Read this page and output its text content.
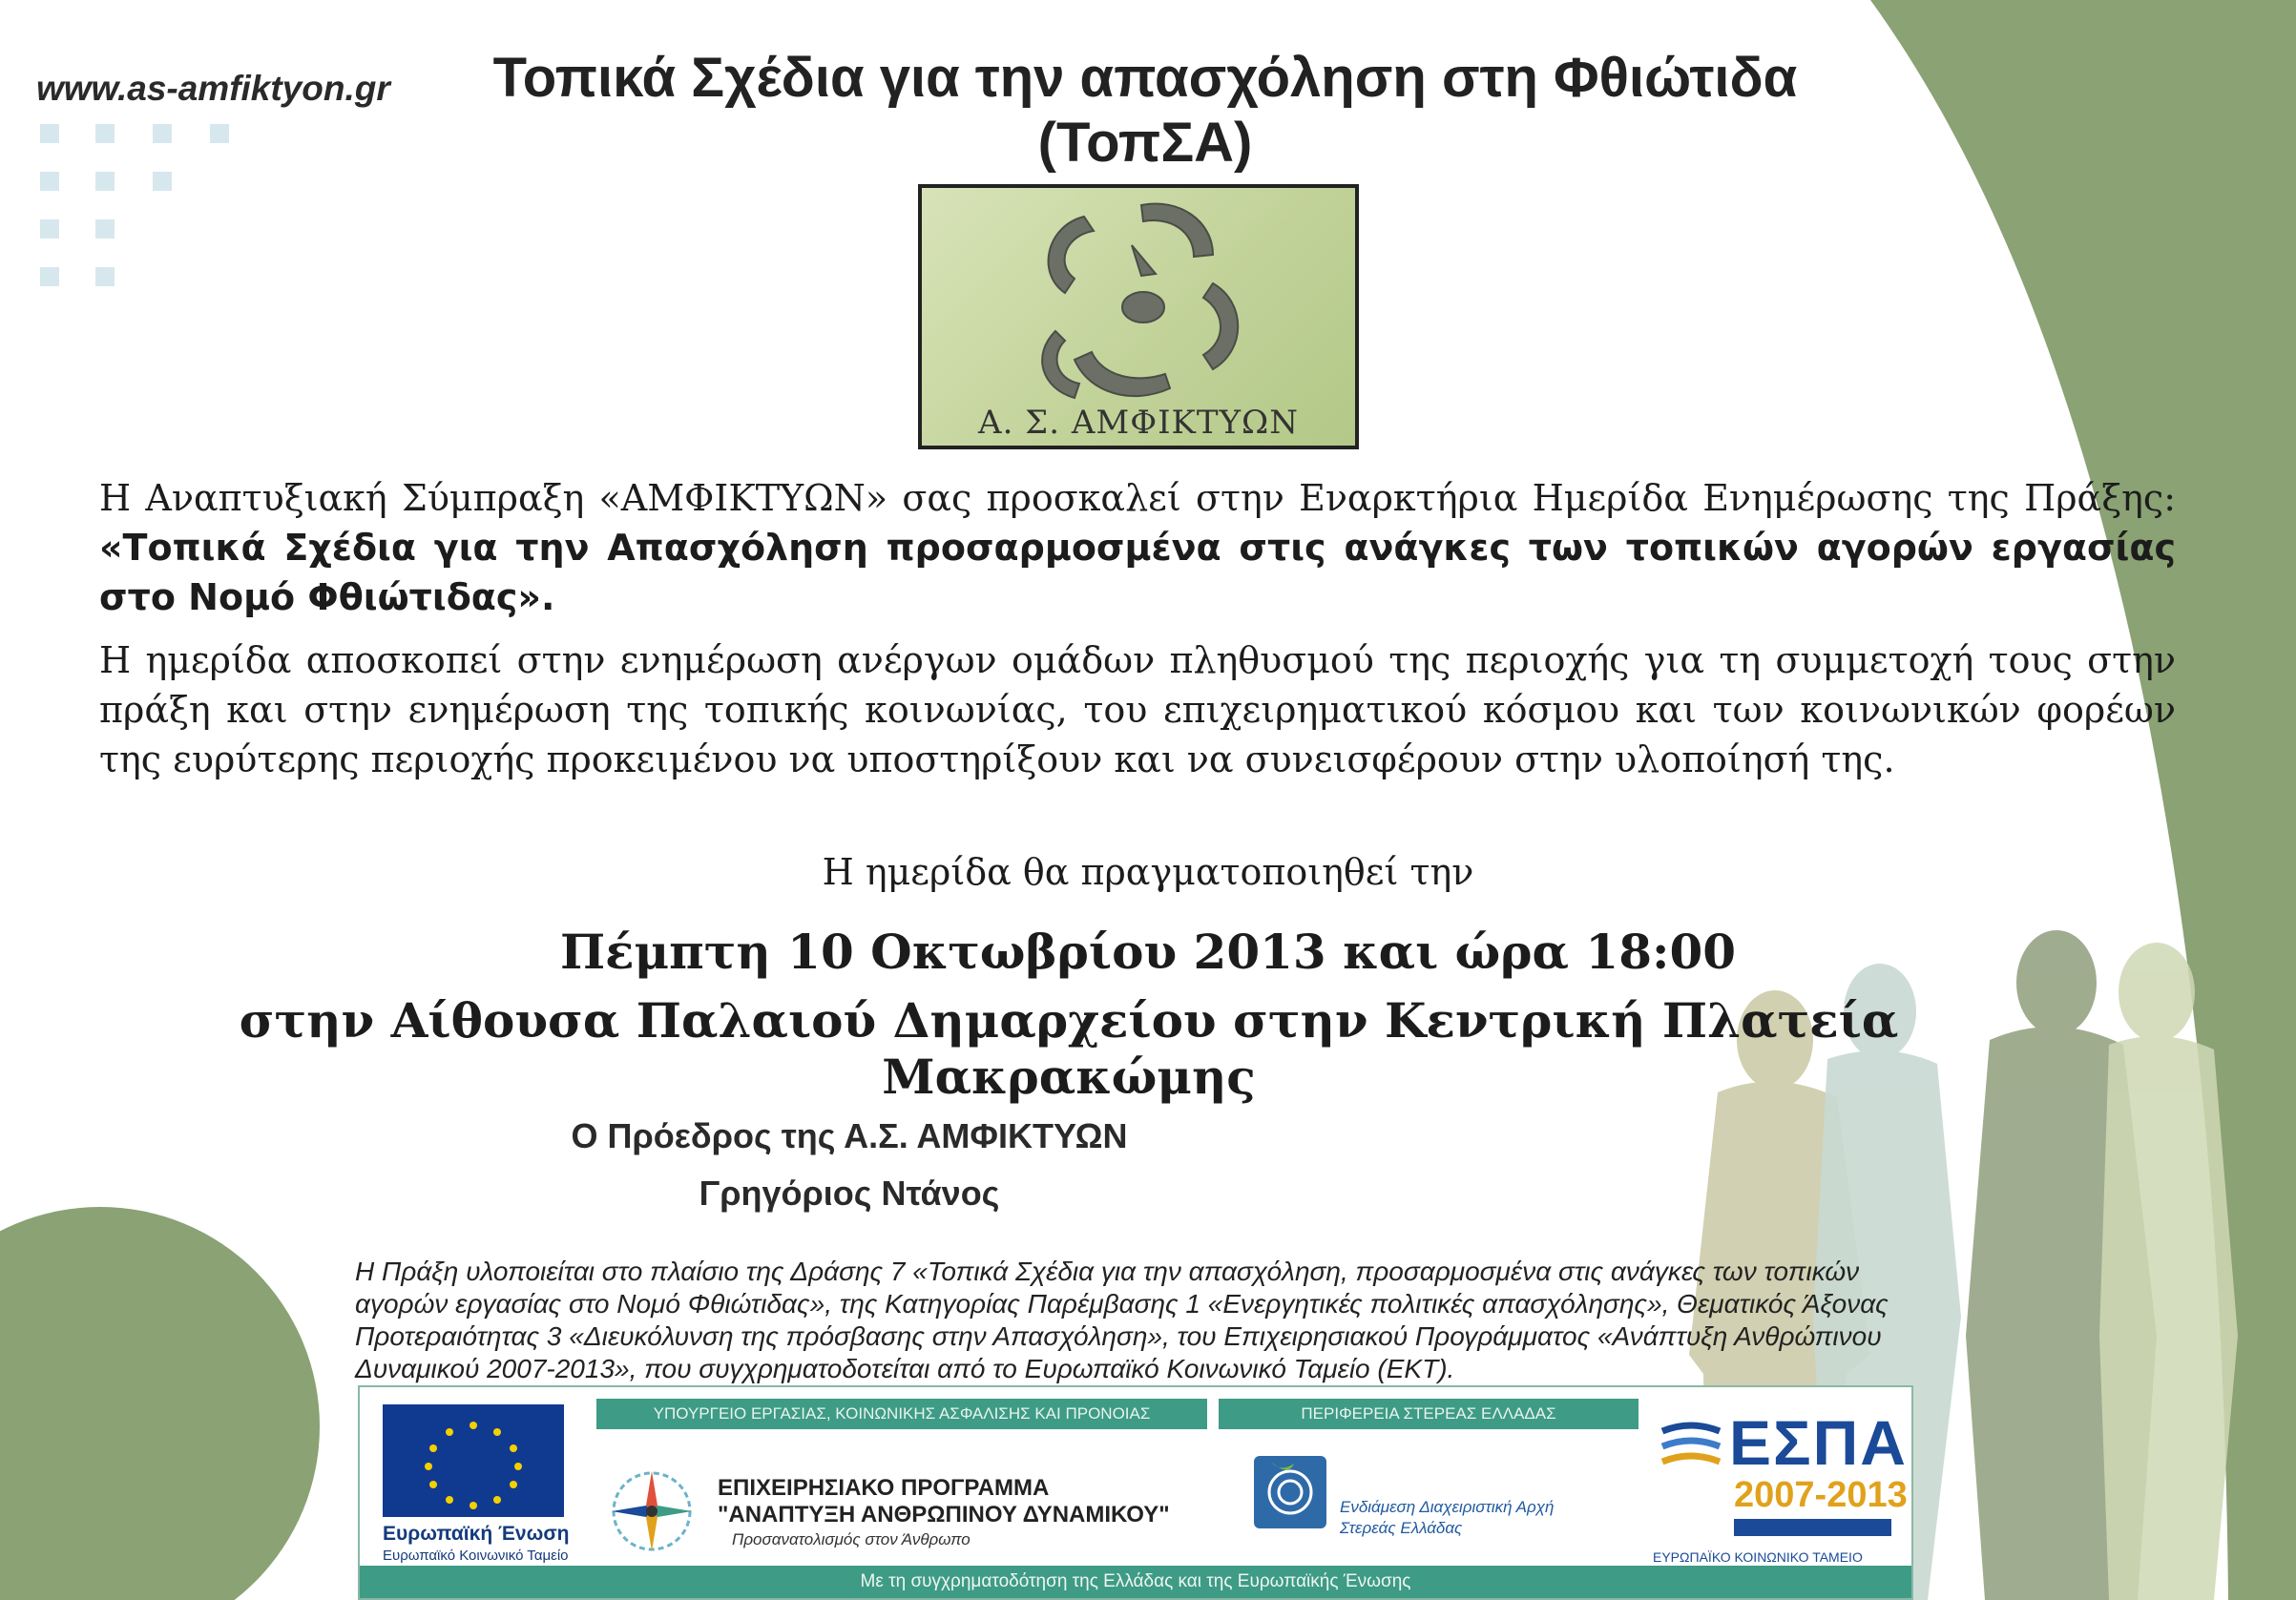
www.as-amfiktyon.gr	Τοπικά Σχέδια για την απασχόληση στη Φθιώτιδα
(ΤοπΣΑ)
Α. Σ. ΑΜΦΙΚΤΥΩΝ
Η Αναπτυξιακή Σύμπραξη «ΑΜΦΙΚΤΥΩΝ» σας προσκαλεί στην Εναρκτήρια Ημερίδα Ενημέρωσης της Πράξης: «Τοπικά Σχέδια για την Απασχόληση προσαρμοσμένα στις ανάγκες των τοπικών αγορών εργασίας στο Νομό Φθιώτιδας».
Η ημερίδα αποσκοπεί στην ενημέρωση ανέργων ομάδων πληθυσμού της περιοχής για τη συμμετοχή τους στην πράξη και στην ενημέρωση της τοπικής κοινωνίας, του επιχειρηματικού κόσμου και των κοινωνικών φορέων της ευρύτερης περιοχής προκειμένου να υποστηρίξουν και να συνεισφέρουν στην υλοποίησή της.
Η ημερίδα θα πραγματοποιηθεί την
Πέμπτη 10 Οκτωβρίου 2013 και ώρα 18:00
στην Αίθουσα Παλαιού Δημαρχείου στην Κεντρική Πλατεία Μακρακώμης
Ο Πρόεδρος της Α.Σ. ΑΜΦΙΚΤΥΩΝ
Γρηγόριος Ντάνος
Η Πράξη υλοποιείται στο πλαίσιο της Δράσης 7 «Τοπικά Σχέδια για την απασχόληση, προσαρμοσμένα στις ανάγκες των τοπικών αγορών εργασίας στο Νομό Φθιώτιδας», της Κατηγορίας Παρέμβασης 1 «Ενεργητικές πολιτικές απασχόλησης», Θεματικός Άξονας Προτεραιότητας 3 «Διευκόλυνση της πρόσβασης στην Απασχόληση», του Επιχειρησιακού Προγράμματος «Ανάπτυξη Ανθρώπινου Δυναμικού 2007-2013», που συγχρηματοδοτείται από το Ευρωπαϊκό Κοινωνικό Ταμείο (ΕΚΤ).
Ευρωπαϊκή Ένωση
Ευρωπαϊκό Κοινωνικό Ταμείο
ΥΠΟΥΡΓΕΙΟ ΕΡΓΑΣΙΑΣ, ΚΟΙΝΩΝΙΚΗΣ ΑΣΦΑΛΙΣΗΣ ΚΑΙ ΠΡΟΝΟΙΑΣ	ΠΕΡΙΦΕΡΕΙΑ ΣΤΕΡΕΑΣ ΕΛΛΑΔΑΣ
ΕΠΙΧΕΙΡΗΣΙΑΚΟ ΠΡΟΓΡΑΜΜΑ
"ΑΝΑΠΤΥΞΗ ΑΝΘΡΩΠΙΝΟΥ ΔΥΝΑΜΙΚΟΥ"
Προσανατολισμός στον Άνθρωπο
Ενδιάμεση Διαχειριστική Αρχή
Στερεάς Ελλάδας
ΕΣΠΑ
2007-2013
ΕΥΡΩΠΑΪΚΟ ΚΟΙΝΩΝΙΚΟ ΤΑΜΕΙΟ
Με τη συγχρηματοδότηση της Ελλάδας και της Ευρωπαϊκής Ένωσης
